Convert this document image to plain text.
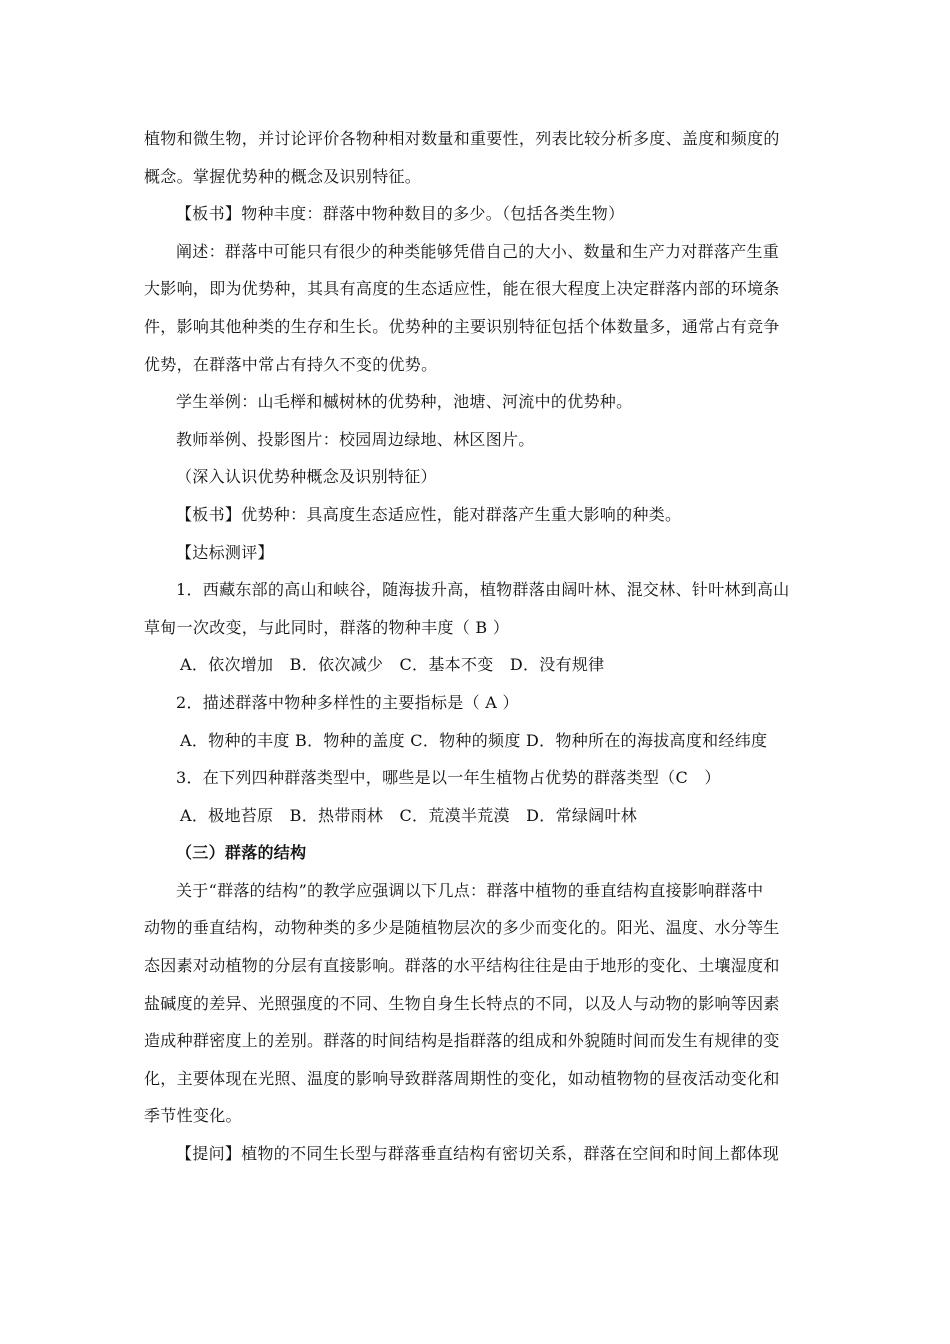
植物和微生物，并讨论评价各物种相对数量和重要性，列表比较分析多度、盖度和频度的
概念。掌握优势种的概念及识别特征。
【板书】物种丰度：群落中物种数目的多少。（包括各类生物）
阐述：群落中可能只有很少的种类能够凭借自己的大小、数量和生产力对群落产生重
大影响，即为优势种，其具有高度的生态适应性，能在很大程度上决定群落内部的环境条
件，影响其他种类的生存和生长。优势种的主要识别特征包括个体数量多，通常占有竞争
优势，在群落中常占有持久不变的优势。
学生举例：山毛榉和槭树林的优势种，池塘、河流中的优势种。
教师举例、投影图片：校园周边绿地、林区图片。
（深入认识优势种概念及识别特征）
【板书】优势种：具高度生态适应性，能对群落产生重大影响的种类。
【达标测评】
1．西藏东部的高山和峡谷，随海拔升高，植物群落由阔叶林、混交林、针叶林到高山
草甸一次改变，与此同时，群落的物种丰度（ B ）
A．依次增加　B．依次减少　C．基本不变　D．没有规律
2．描述群落中物种多样性的主要指标是（ A ）
A．物种的丰度 B．物种的盖度 C．物种的频度 D．物种所在的海拔高度和经纬度
3．在下列四种群落类型中，哪些是以一年生植物占优势的群落类型（C　）
A．极地苔原　B．热带雨林　C．荒漠半荒漠　D．常绿阔叶林
（三）群落的结构
关于“群落的结构”的教学应强调以下几点：群落中植物的垂直结构直接影响群落中
动物的垂直结构，动物种类的多少是随植物层次的多少而变化的。阳光、温度、水分等生
态因素对动植物的分层有直接影响。群落的水平结构往往是由于地形的变化、土壤湿度和
盐碱度的差异、光照强度的不同、生物自身生长特点的不同，以及人与动物的影响等因素
造成种群密度上的差别。群落的时间结构是指群落的组成和外貌随时间而发生有规律的变
化，主要体现在光照、温度的影响导致群落周期性的变化，如动植物物的昼夜活动变化和
季节性变化。
【提问】植物的不同生长型与群落垂直结构有密切关系，群落在空间和时间上都体现
